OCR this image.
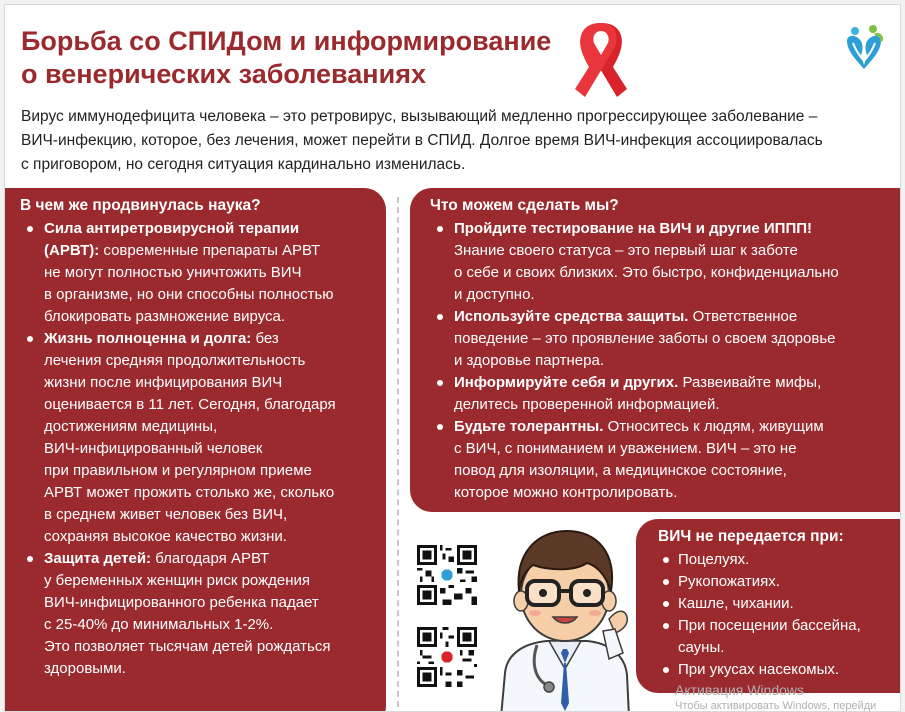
Борьба со СПИДом и информирование
о венерических заболеваниях
Вирус иммунодефицита человека – это ретровирус, вызывающий медленно прогрессирующее заболевание –
ВИЧ-инфекцию, которое, без лечения, может перейти в СПИД. Долгое время ВИЧ-инфекция ассоциировалась
с приговором, но сегодня ситуация кардинально изменилась.
В чем же продвинулась наука?
Сила антиретровирусной терапии
(АРВТ): современные препараты АРВТ
не могут полностью уничтожить ВИЧ
в организме, но они способны полностью
блокировать размножение вируса.
Жизнь полноценна и долга: без
лечения средняя продолжительность
жизни после инфицирования ВИЧ
оценивается в 11 лет. Сегодня, благодаря
достижениям медицины,
ВИЧ-инфицированный человек
при правильном и регулярном приеме
АРВТ может прожить столько же, сколько
в среднем живет человек без ВИЧ,
сохраняя высокое качество жизни.
Защита детей: благодаря АРВТ
у беременных женщин риск рождения
ВИЧ-инфицированного ребенка падает
с 25-40% до минимальных 1-2%.
Это позволяет тысячам детей рождаться
здоровыми.
Что можем сделать мы?
Пройдите тестирование на ВИЧ и другие ИППП!
Знание своего статуса – это первый шаг к заботе
о себе и своих близких. Это быстро, конфиденциально
и доступно.
Используйте средства защиты. Ответственное
поведение – это проявление заботы о своем здоровье
и здоровье партнера.
Информируйте себя и других. Развеивайте мифы,
делитесь проверенной информацией.
Будьте толерантны. Относитесь к людям, живущим
с ВИЧ, с пониманием и уважением. ВИЧ – это не
повод для изоляции, а медицинское состояние,
которое можно контролировать.
ВИЧ не передается при:
Поцелуях.
Рукопожатиях.
Кашле, чихании.
При посещении бассейна,
сауны.
При укусах насекомых.
Активация Windows
Чтобы активировать Windows, перейди
